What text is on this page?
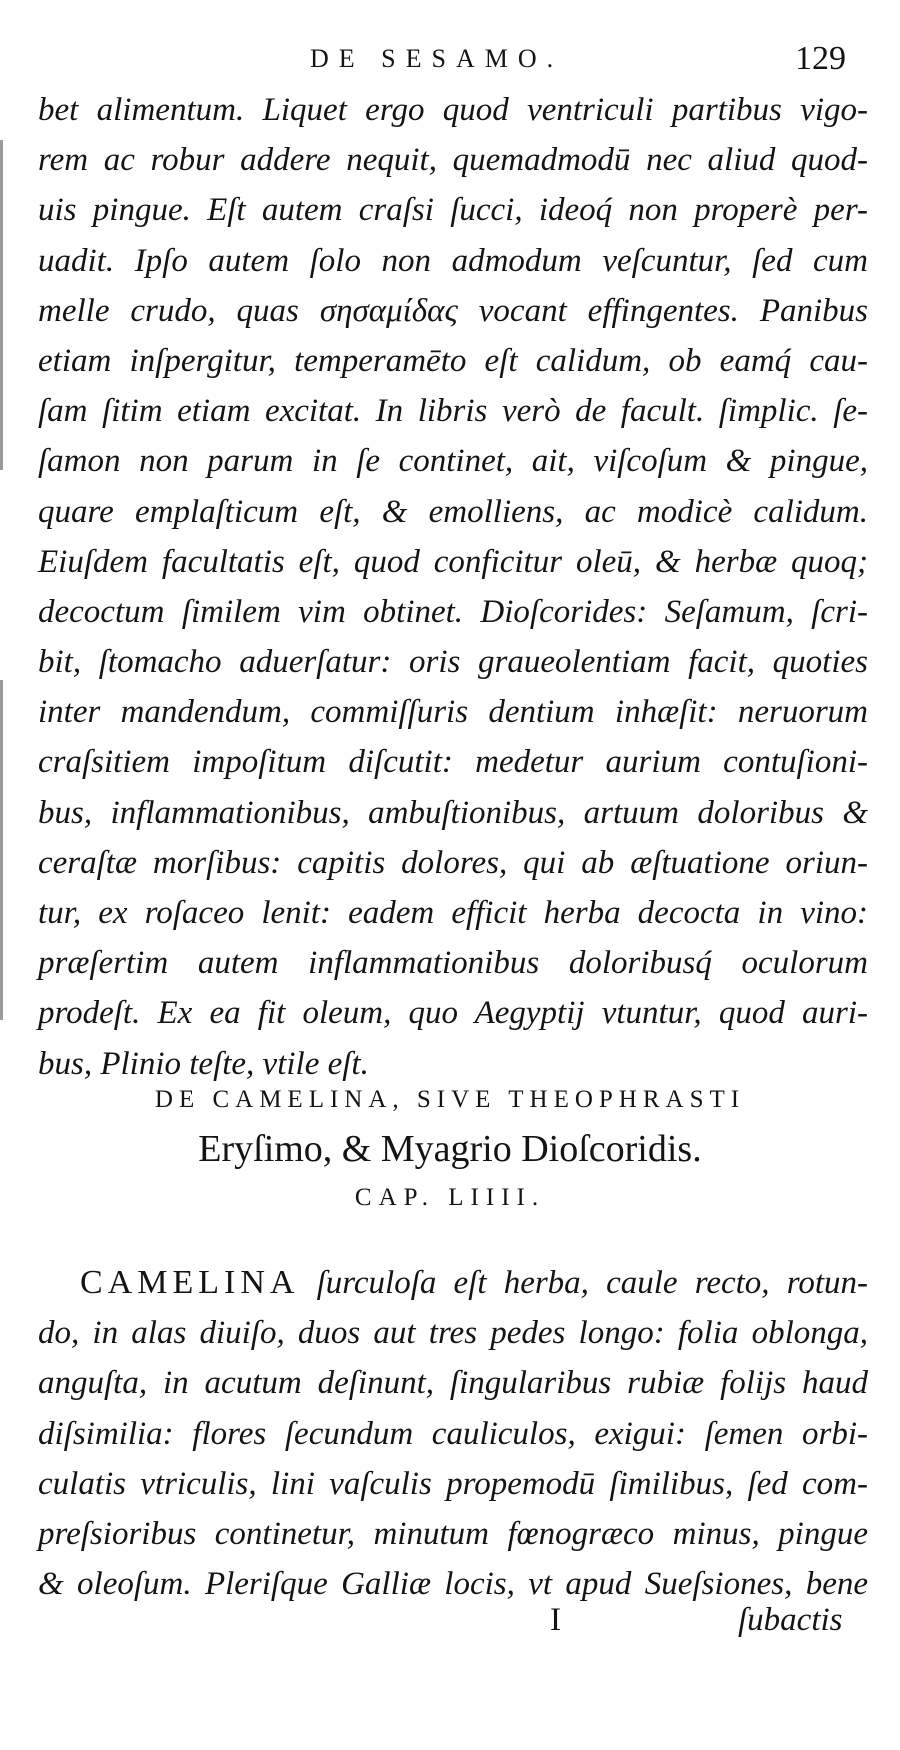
DE SESAMO.	129
bet alimentum. Liquet ergo quod ventriculi partibus vigo-
rem ac robur addere nequit, quemadmodū nec aliud quod-
uis pingue. Eſt autem craſsi ſucci, ideoq́ non properè per-
uadit. Ipſo autem ſolo non admodum veſcuntur, ſed cum
melle crudo, quas σησαμίδας vocant effingentes. Panibus
etiam inſpergitur, temperamēto eſt calidum, ob eamq́ cau-
ſam ſitim etiam excitat. In libris verò de facult. ſimplic. ſe-
ſamon non parum in ſe continet, ait, viſcoſum & pingue,
quare emplaſticum eſt, & emolliens, ac modicè calidum.
Eiuſdem facultatis eſt, quod conficitur oleū, & herbæ quoq;
decoctum ſimilem vim obtinet. Dioſcorides: Seſamum, ſcri-
bit, ſtomacho aduerſatur: oris graueolentiam facit, quoties
inter mandendum, commiſſuris dentium inhæſit: neruorum
craſsitiem impoſitum diſcutit: medetur aurium contuſioni-
bus, inflammationibus, ambuſtionibus, artuum doloribus &
ceraſtæ morſibus: capitis dolores, qui ab æſtuatione oriun-
tur, ex roſaceo lenit: eadem efficit herba decocta in vino:
præſertim autem inflammationibus doloribusq́ oculorum
prodeſt. Ex ea fit oleum, quo Aegyptij vtuntur, quod auri-
bus, Plinio teſte, vtile eſt.
DE CAMELINA, SIVE THEOPHRASTI
Eryſimo, & Myagrio Dioſcoridis.
CAP. LIIII.
CAMELINA ſurculoſa eſt herba, caule recto, rotun-
do, in alas diuiſo, duos aut tres pedes longo: folia oblonga,
anguſta, in acutum deſinunt, ſingularibus rubiæ folijs haud
diſsimilia: flores ſecundum cauliculos, exigui: ſemen orbi-
culatis vtriculis, lini vaſculis propemodū ſimilibus, ſed com-
preſsioribus continetur, minutum fœnogræco minus, pingue
& oleoſum. Pleriſque Galliæ locis, vt apud Sueſsiones, bene
I	ſubactis
